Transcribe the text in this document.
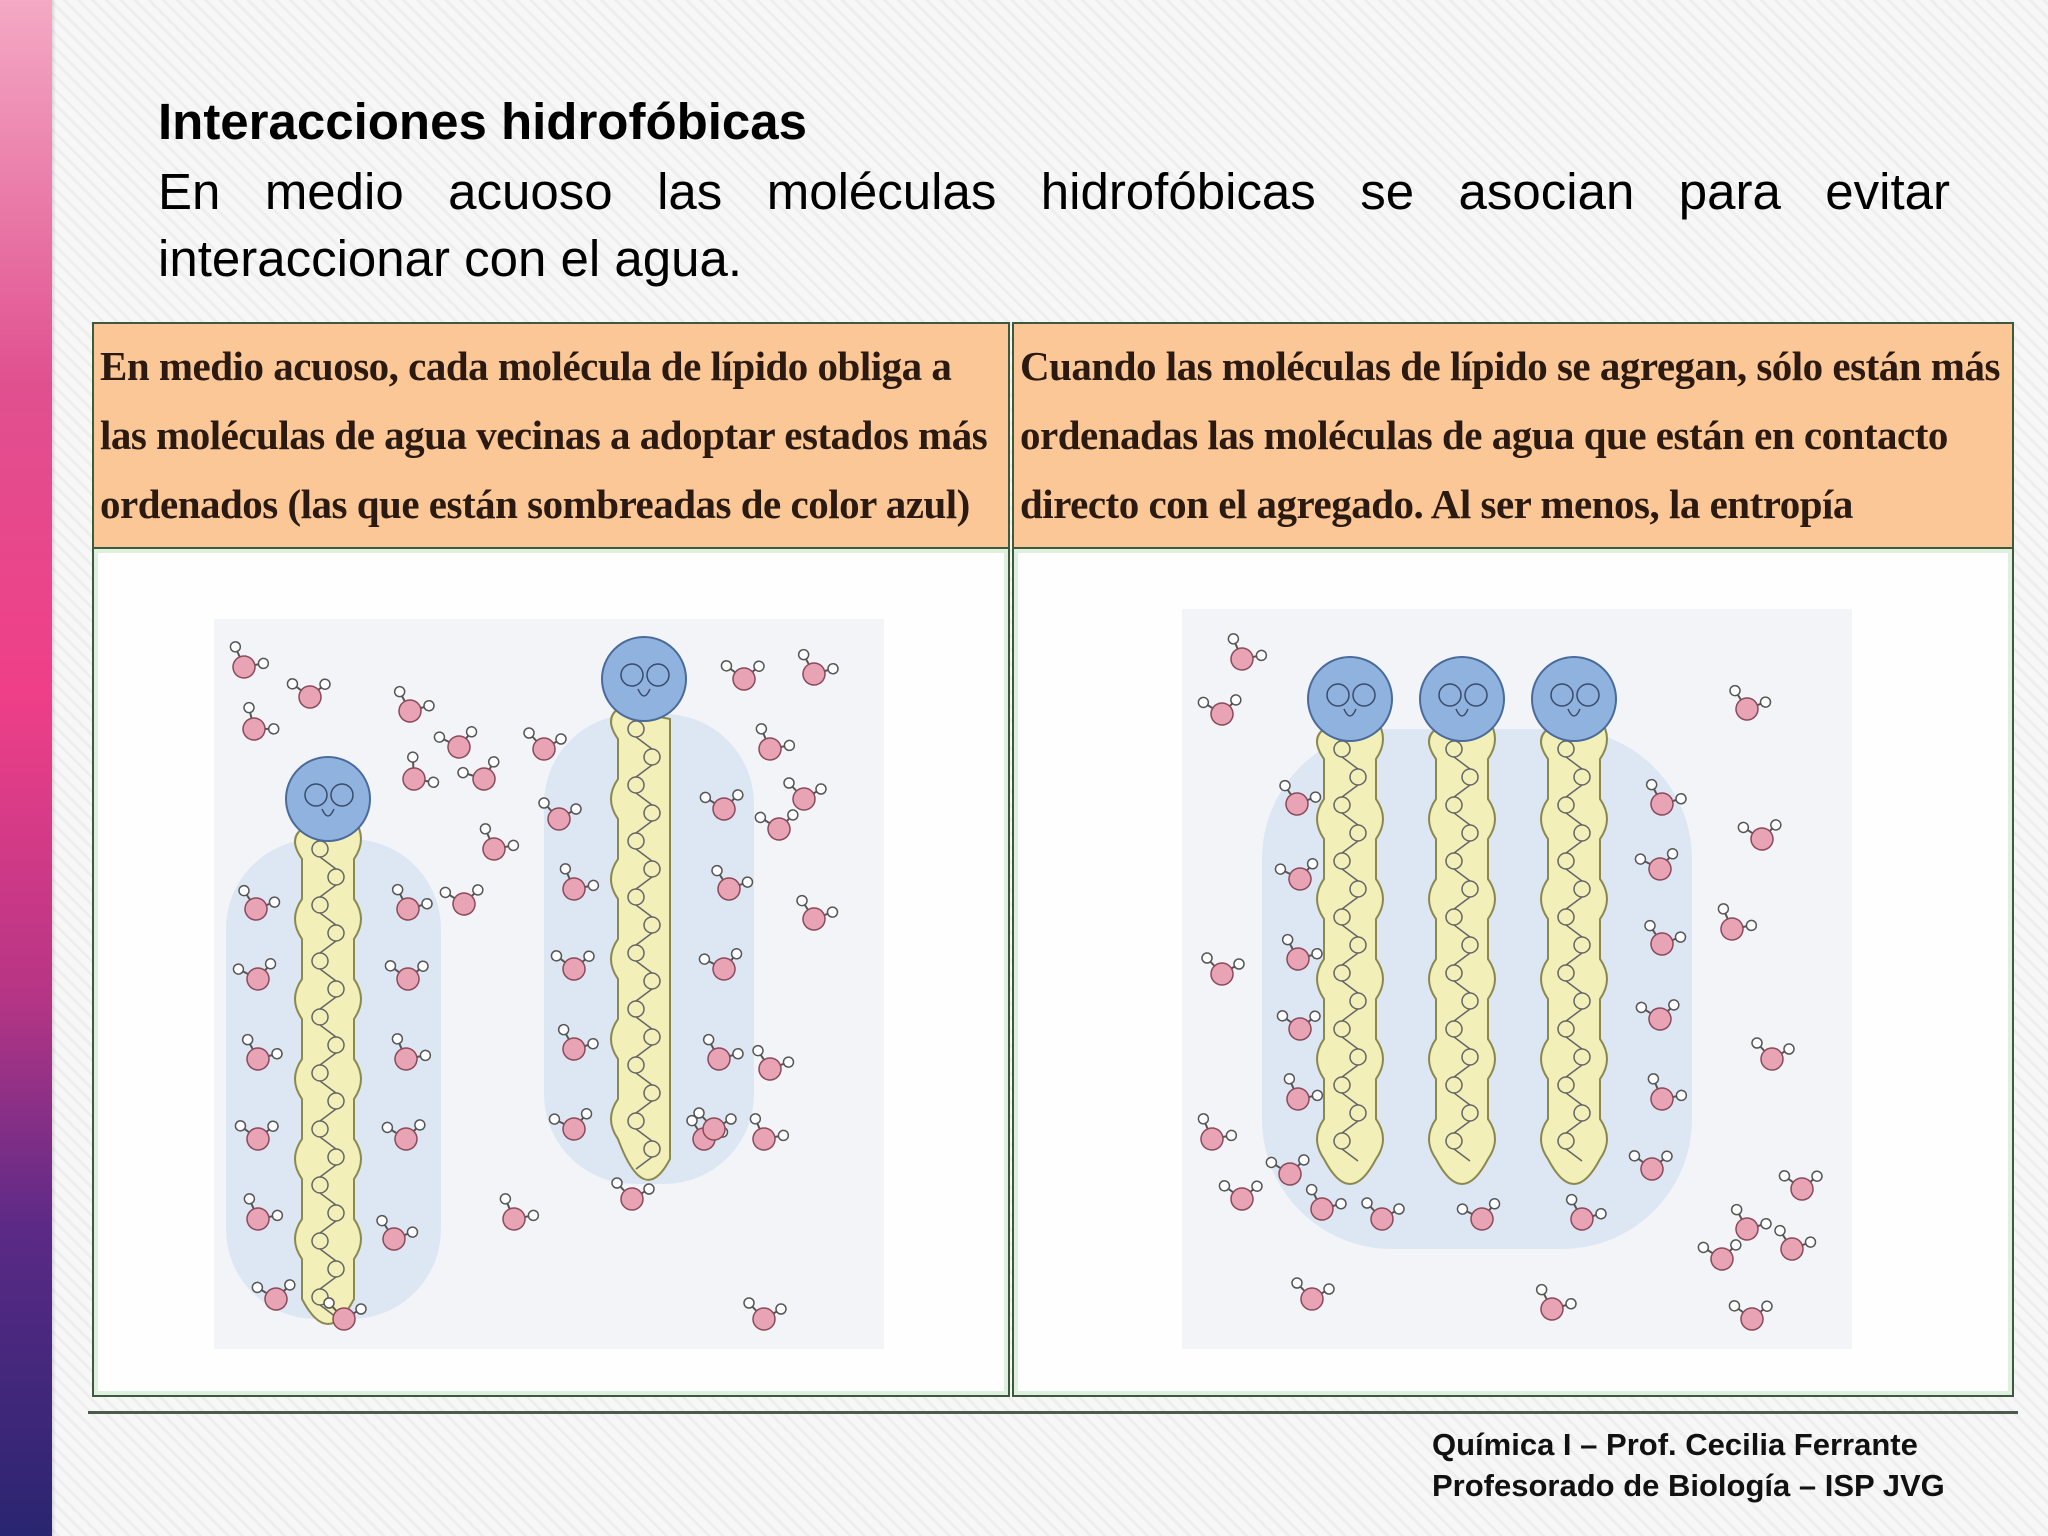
Interacciones hidrofóbicas

En medio acuoso las moléculas hidrofóbicas se asocian para evitar interaccionar con el agua.

En medio acuoso, cada molécula de lípido obliga a las moléculas de agua vecinas a adoptar estados más ordenados (las que están sombreadas de color azul)
Cuando las moléculas de lípido se agregan, sólo están más ordenadas las moléculas de agua que están en contacto directo con el agregado. Al ser menos, la entropía

Química I – Prof. Cecilia Ferrante
Profesorado de Biología – ISP JVG
